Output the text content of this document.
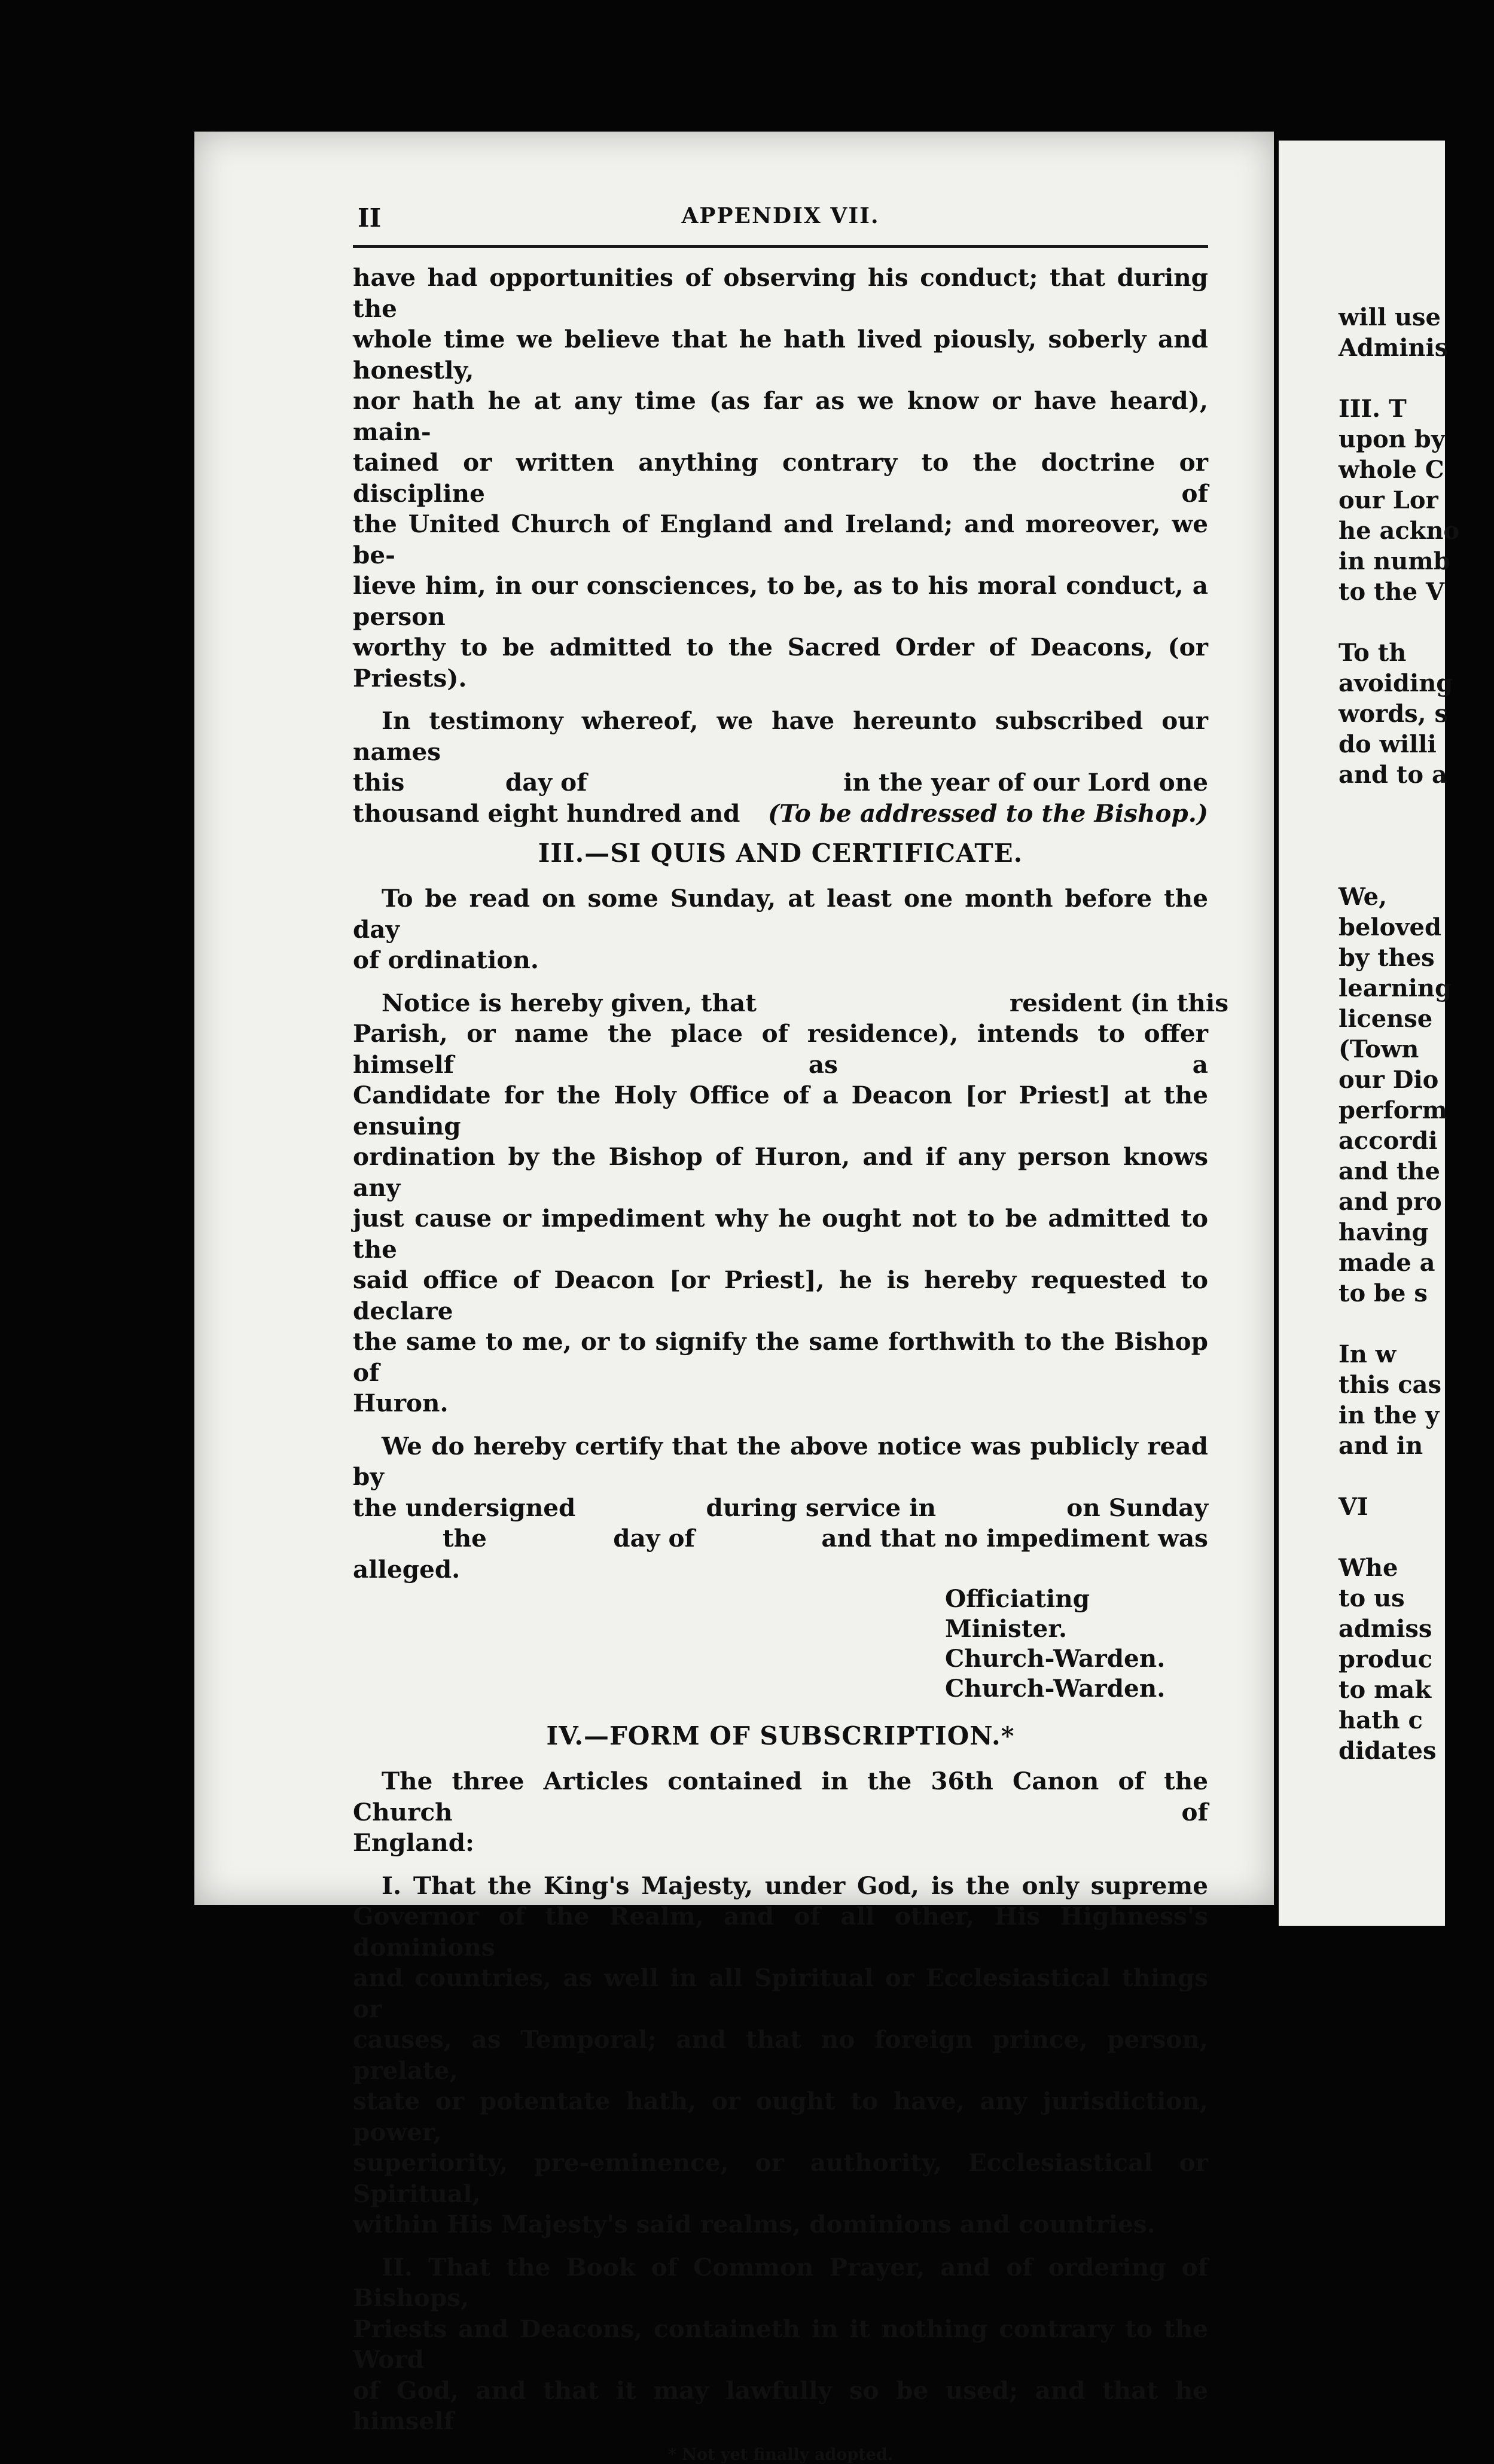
will use
Adminis
III. T
upon by
whole C
our Lor
he ackno
in numb
to the V
To th
avoiding
words, s
do willi
and to a
We,
beloved
by thes
learning
license
(Town
our Dio
perform
accordi
and the
and pro
having
made a
to be s
In w
this cas
in the y
and in
VI
Whe
to us
admiss
produc
to mak
hath c
didates
II	APPENDIX VII.

have had opportunities of observing his conduct; that during the

whole time we believe that he hath lived piously, soberly and honestly,

nor hath he at any time (as far as we know or have heard), main-

tained or written anything contrary to the doctrine or discipline of

the United Church of England and Ireland; and moreover, we be-

lieve him, in our consciences, to be, as to his moral conduct, a person

worthy to be admitted to the Sacred Order of Deacons, (or Priests).

In testimony whereof, we have hereunto subscribed our names

this	day of	in the year of our Lord one
thousand eight hundred and (To be addressed to the Bishop.)
III.—SI QUIS AND CERTIFICATE.

To be read on some Sunday, at least one month before the day

of ordination.

Notice is hereby given, that                              resident (in this

Parish, or name the place of residence), intends to offer himself as a

Candidate for the Holy Office of a Deacon [or Priest] at the ensuing

ordination by the Bishop of Huron, and if any person knows any

just cause or impediment why he ought not to be admitted to the

said office of Deacon [or Priest], he is hereby requested to declare

the same to me, or to signify the same forthwith to the Bishop of

Huron.

We do hereby certify that the above notice was publicly read by

the undersigned	during service in	on Sunday
the	day of	and that no impediment was

alleged.

Officiating Minister.
Church-Warden.
Church-Warden.
IV.—FORM OF SUBSCRIPTION.*

The three Articles contained in the 36th Canon of the Church of

England:

I. That the King's Majesty, under God, is the only supreme

Governor of the Realm, and of all other, His Highness's dominions

and countries, as well in all Spiritual or Ecclesiastical things or

causes, as Temporal; and that no foreign prince, person, prelate,

state or potentate hath, or ought to have, any jurisdiction, power,

superiority, pre-eminence, or authority, Ecclesiastical or Spiritual,

within His Majesty's said realms, dominions and countries.

II. That the Book of Common Prayer, and of ordering of Bishops,

Priests and Deacons, containeth in it nothing contrary to the Word

of God, and that it may lawfully so be used; and that he himself

* Not yet finally adopted.
